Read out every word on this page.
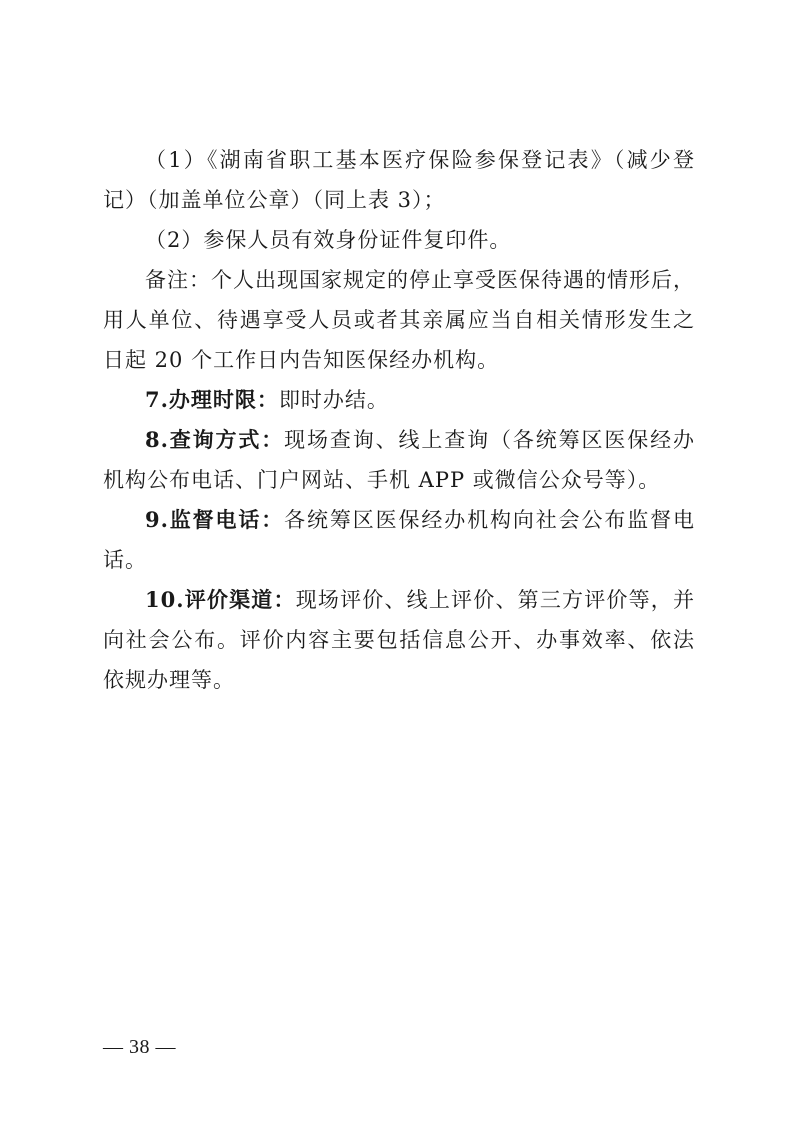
（1）《湖南省职工基本医疗保险参保登记表》（减少登记）（加盖单位公章）（同上表 3）；

（2）参保人员有效身份证件复印件。

备注：个人出现国家规定的停止享受医保待遇的情形后，用人单位、待遇享受人员或者其亲属应当自相关情形发生之日起 20 个工作日内告知医保经办机构。

7.办理时限：即时办结。

8.查询方式：现场查询、线上查询（各统筹区医保经办机构公布电话、门户网站、手机 APP 或微信公众号等）。

9.监督电话：各统筹区医保经办机构向社会公布监督电话。

10.评价渠道：现场评价、线上评价、第三方评价等，并向社会公布。评价内容主要包括信息公开、办事效率、依法依规办理等。

— 38 —
